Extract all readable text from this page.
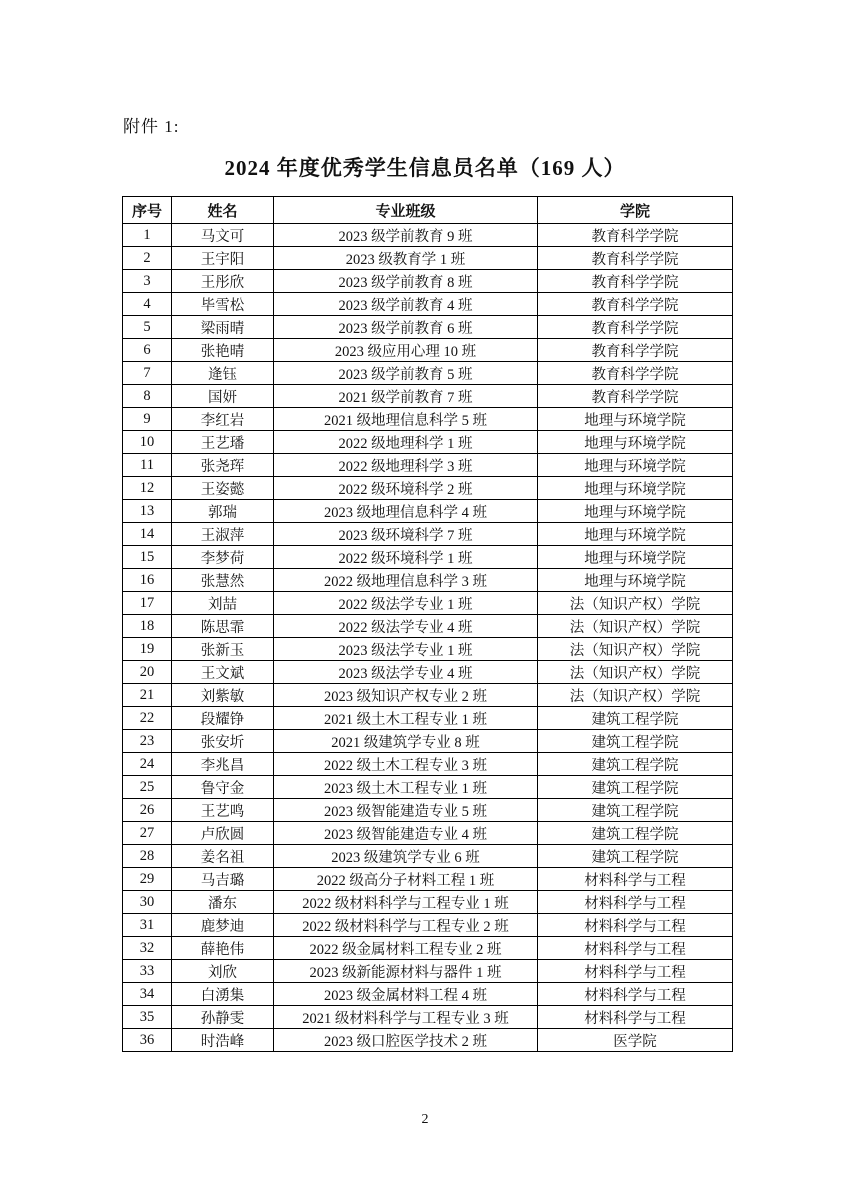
附件 1:
2024 年度优秀学生信息员名单（169 人）
序号	姓名	专业班级	学院
1	马文可	2023 级学前教育 9 班	教育科学学院
2	王宇阳	2023 级教育学 1 班	教育科学学院
3	王彤欣	2023 级学前教育 8 班	教育科学学院
4	毕雪松	2023 级学前教育 4 班	教育科学学院
5	梁雨晴	2023 级学前教育 6 班	教育科学学院
6	张艳晴	2023 级应用心理 10 班	教育科学学院
7	逄钰	2023 级学前教育 5 班	教育科学学院
8	国妍	2021 级学前教育 7 班	教育科学学院
9	李红岩	2021 级地理信息科学 5 班	地理与环境学院
10	王艺璠	2022 级地理科学 1 班	地理与环境学院
11	张尧珲	2022 级地理科学 3 班	地理与环境学院
12	王姿懿	2022 级环境科学 2 班	地理与环境学院
13	郭瑞	2023 级地理信息科学 4 班	地理与环境学院
14	王淑萍	2023 级环境科学 7 班	地理与环境学院
15	李梦荷	2022 级环境科学 1 班	地理与环境学院
16	张慧然	2022 级地理信息科学 3 班	地理与环境学院
17	刘喆	2022 级法学专业 1 班	法（知识产权）学院
18	陈思霏	2022 级法学专业 4 班	法（知识产权）学院
19	张新玉	2023 级法学专业 1 班	法（知识产权）学院
20	王文斌	2023 级法学专业 4 班	法（知识产权）学院
21	刘紫敏	2023 级知识产权专业 2 班	法（知识产权）学院
22	段耀铮	2021 级土木工程专业 1 班	建筑工程学院
23	张安圻	2021 级建筑学专业 8 班	建筑工程学院
24	李兆昌	2022 级土木工程专业 3 班	建筑工程学院
25	鲁守金	2023 级土木工程专业 1 班	建筑工程学院
26	王艺鸣	2023 级智能建造专业 5 班	建筑工程学院
27	卢欣圆	2023 级智能建造专业 4 班	建筑工程学院
28	姜名祖	2023 级建筑学专业 6 班	建筑工程学院
29	马吉璐	2022 级高分子材料工程 1 班	材料科学与工程
30	潘东	2022 级材料科学与工程专业 1 班	材料科学与工程
31	鹿梦迪	2022 级材料科学与工程专业 2 班	材料科学与工程
32	薛艳伟	2022 级金属材料工程专业 2 班	材料科学与工程
33	刘欣	2023 级新能源材料与器件 1 班	材料科学与工程
34	白湧集	2023 级金属材料工程 4 班	材料科学与工程
35	孙静雯	2021 级材料科学与工程专业 3 班	材料科学与工程
36	时浩峰	2023 级口腔医学技术 2 班	医学院
2
